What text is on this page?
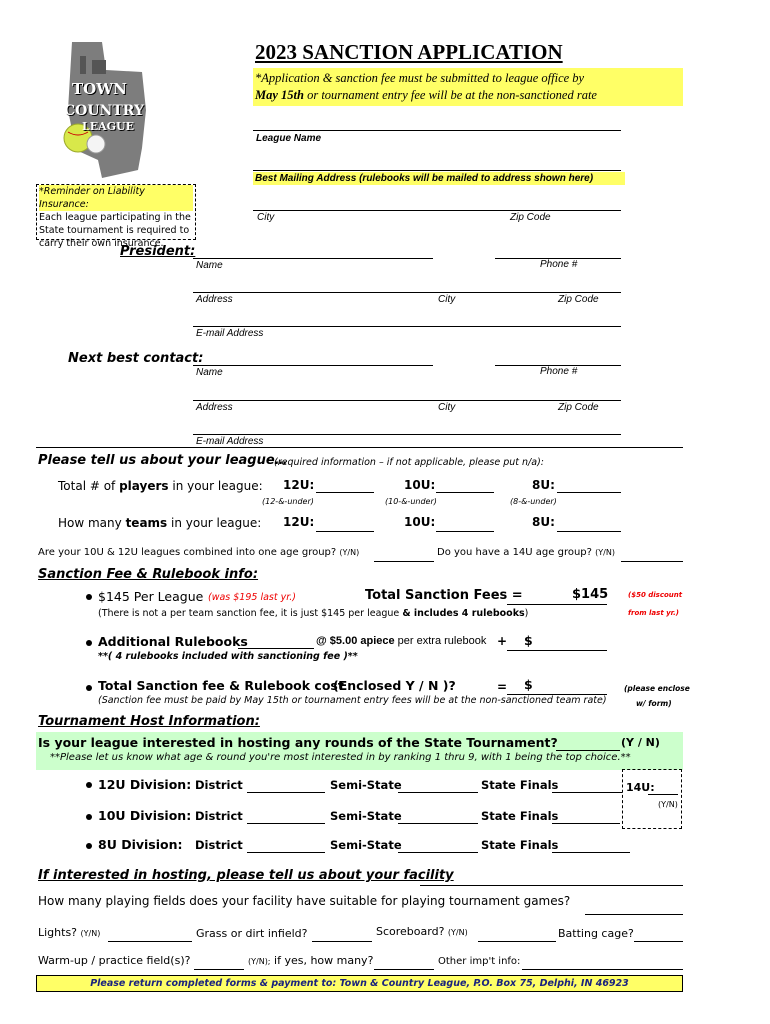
TOWN
COUNTRY
LEAGUE
2023 SANCTION APPLICATION
*Application & sanction fee must be submitted to league office by
May 15th or tournament entry fee will be at the non-sanctioned rate
League Name
Best Mailing Address (rulebooks will be mailed to address shown here)
City	Zip Code
*Reminder on Liability Insurance:
Each league participating in the
State tournament is required to
carry their own insurance.
President:
Name	Phone #
Address	City	Zip Code
E-mail Address
Next best contact:
Name	Phone #
Address	City	Zip Code
E-mail Address
Please tell us about your league…
(required information – if not applicable, please put n/a):
Total # of players in your league: 12U:	10U:	8U:
(12-&-under)	(10-&-under)	(8-&-under)
How many teams in your league: 12U:	10U:	8U:
Are your 10U & 12U leagues combined into one age group? (Y/N)	Do you have a 14U age group? (Y/N)
Sanction Fee & Rulebook info:
$145 Per League (was $195 last yr.)	Total Sanction Fees =	$145	($50 discount
from last yr.)
(There is not a per team sanction fee, it is just $145 per league & includes 4 rulebooks)
Additional Rulebooks	@ $5.00 apiece per extra rulebook + $
**( 4 rulebooks included with sanctioning fee )**
Total Sanction fee & Rulebook cost
(Enclosed Y / N )?	= $	(please enclose
w/ form)
(Sanction fee must be paid by May 15th or tournament entry fees will be at the non-sanctioned team rate)
Tournament Host Information:
Is your league interested in hosting any rounds of the State Tournament?	(Y / N)
**Please let us know what age & round you're most interested in by ranking 1 thru 9, with 1 being the top choice.**
12U Division: District	Semi-State	State Finals	14U:
(Y/N)
10U Division: District	Semi-State	State Finals
8U Division: District	Semi-State	State Finals
If interested in hosting, please tell us about your facility
How many playing fields does your facility have suitable for playing tournament games?
Lights? (Y/N)	Grass or dirt infield?	Scoreboard? (Y/N)	Batting cage?
Warm-up / practice field(s)?	(Y/N); if yes, how many?	Other imp't info:
Please return completed forms & payment to: Town & Country League, P.O. Box 75, Delphi, IN 46923
